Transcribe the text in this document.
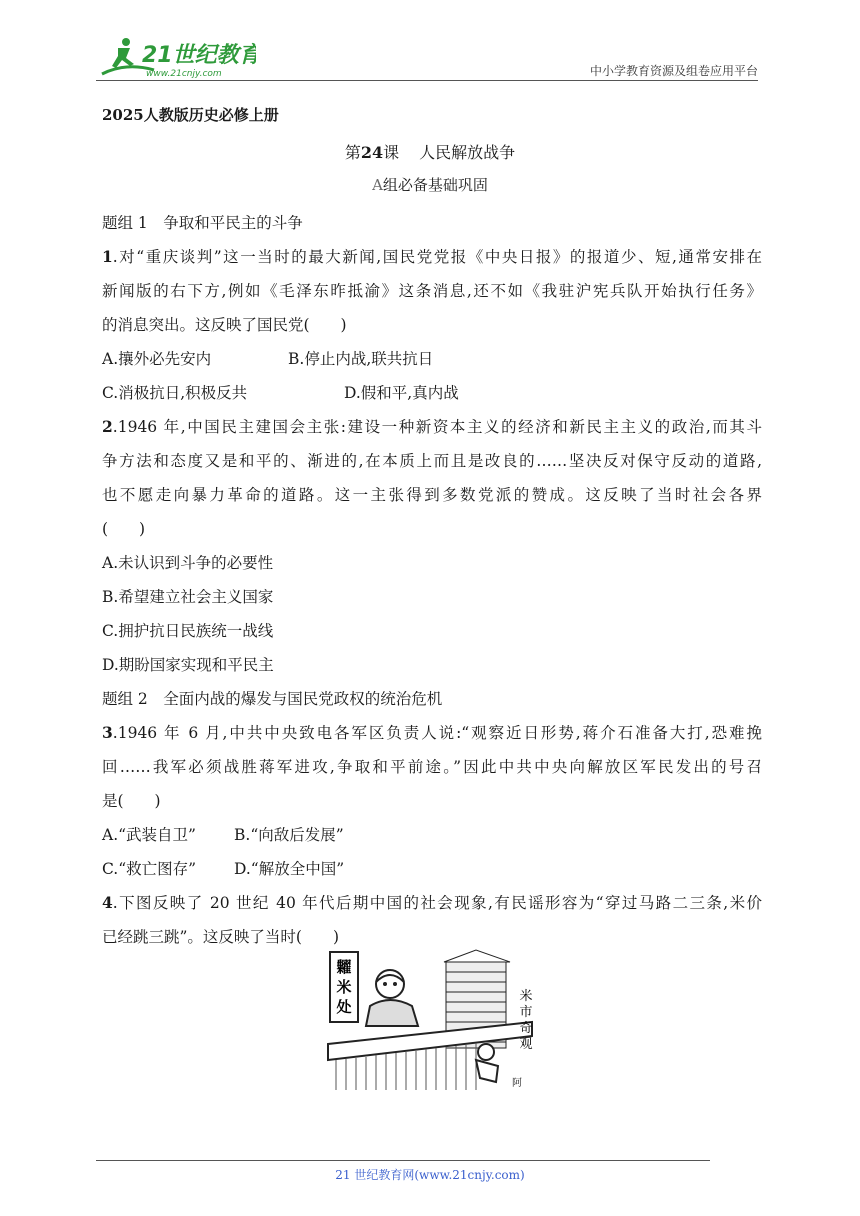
21世纪教育
www.21cnjy.com	中小学教育资源及组卷应用平台
2025人教版历史必修上册
第24课 人民解放战争
A组必备基础巩固

题组 1　争取和平民主的斗争

1.对“重庆谈判”这一当时的最大新闻,国民党党报《中央日报》的报道少、短,通常安排在

新闻版的右下方,例如《毛泽东昨抵渝》这条消息,还不如《我驻沪宪兵队开始执行任务》

的消息突出。这反映了国民党(　　)

A.攘外必先安内	B.停止内战,联共抗日

C.消极抗日,积极反共	D.假和平,真内战

2.1946 年,中国民主建国会主张:建设一种新资本主义的经济和新民主主义的政治,而其斗

争方法和态度又是和平的、渐进的,在本质上而且是改良的……坚决反对保守反动的道路,

也不愿走向暴力革命的道路。这一主张得到多数党派的赞成。这反映了当时社会各界

(　　)

A.未认识到斗争的必要性

B.希望建立社会主义国家

C.拥护抗日民族统一战线

D.期盼国家实现和平民主

题组 2　全面内战的爆发与国民党政权的统治危机

3.1946 年 6 月,中共中央致电各军区负责人说:“观察近日形势,蒋介石准备大打,恐难挽

回……我军必须战胜蒋军进攻,争取和平前途。”因此中共中央向解放区军民发出的号召

是(　　)

A.“武装自卫”	B.“向敌后发展”

C.“救亡图存”	D.“解放全中国”

4.下图反映了 20 世纪 40 年代后期中国的社会现象,有民谣形容为“穿过马路二三条,米价

已经跳三跳”。这反映了当时(　　)

糶
米
处
米
市
奇
观
阿
21 世纪教育网(www.21cnjy.com)
